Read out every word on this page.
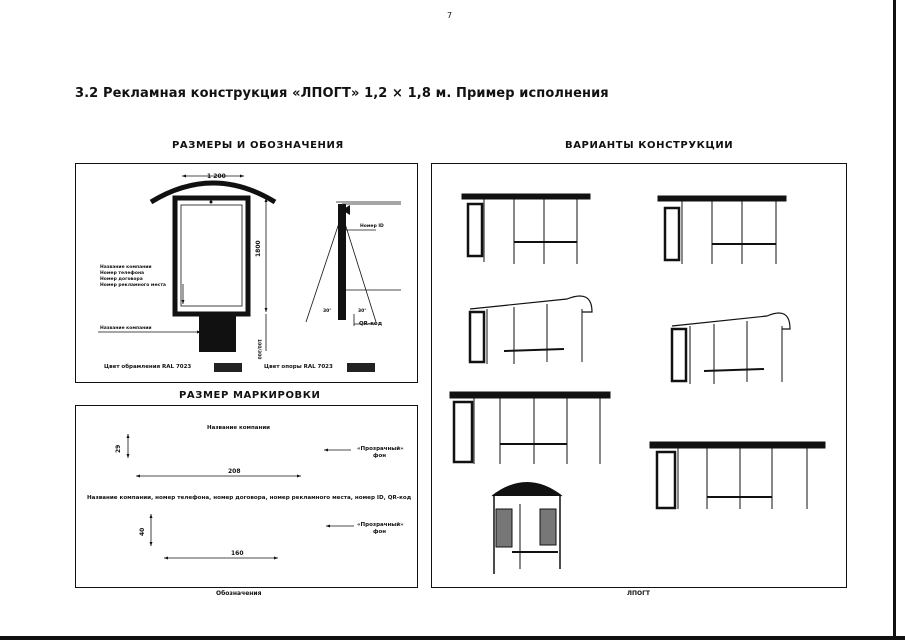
7
3.2 Рекламная конструкция «ЛПОГТ» 1,2 × 1,8 м. Пример исполнения
РАЗМЕРЫ И ОБОЗНАЧЕНИЯ	ВАРИАНТЫ КОНСТРУКЦИИ
1 200
1800
100/300
Название компании
Номер телефона
Номер договора
Номер рекламного места
Название компании
Номер ID
30°	30°
QR-код
Цвет обрамления RAL 7023	Цвет опоры RAL 7023
РАЗМЕР МАРКИРОВКИ
Название компании
29
208
«Прозрачный»
фон
Название компании, номер телефона, номер договора, номер рекламного места, номер ID, QR-код
40
160
«Прозрачный»
фон
Обозначения	ЛПОГТ
